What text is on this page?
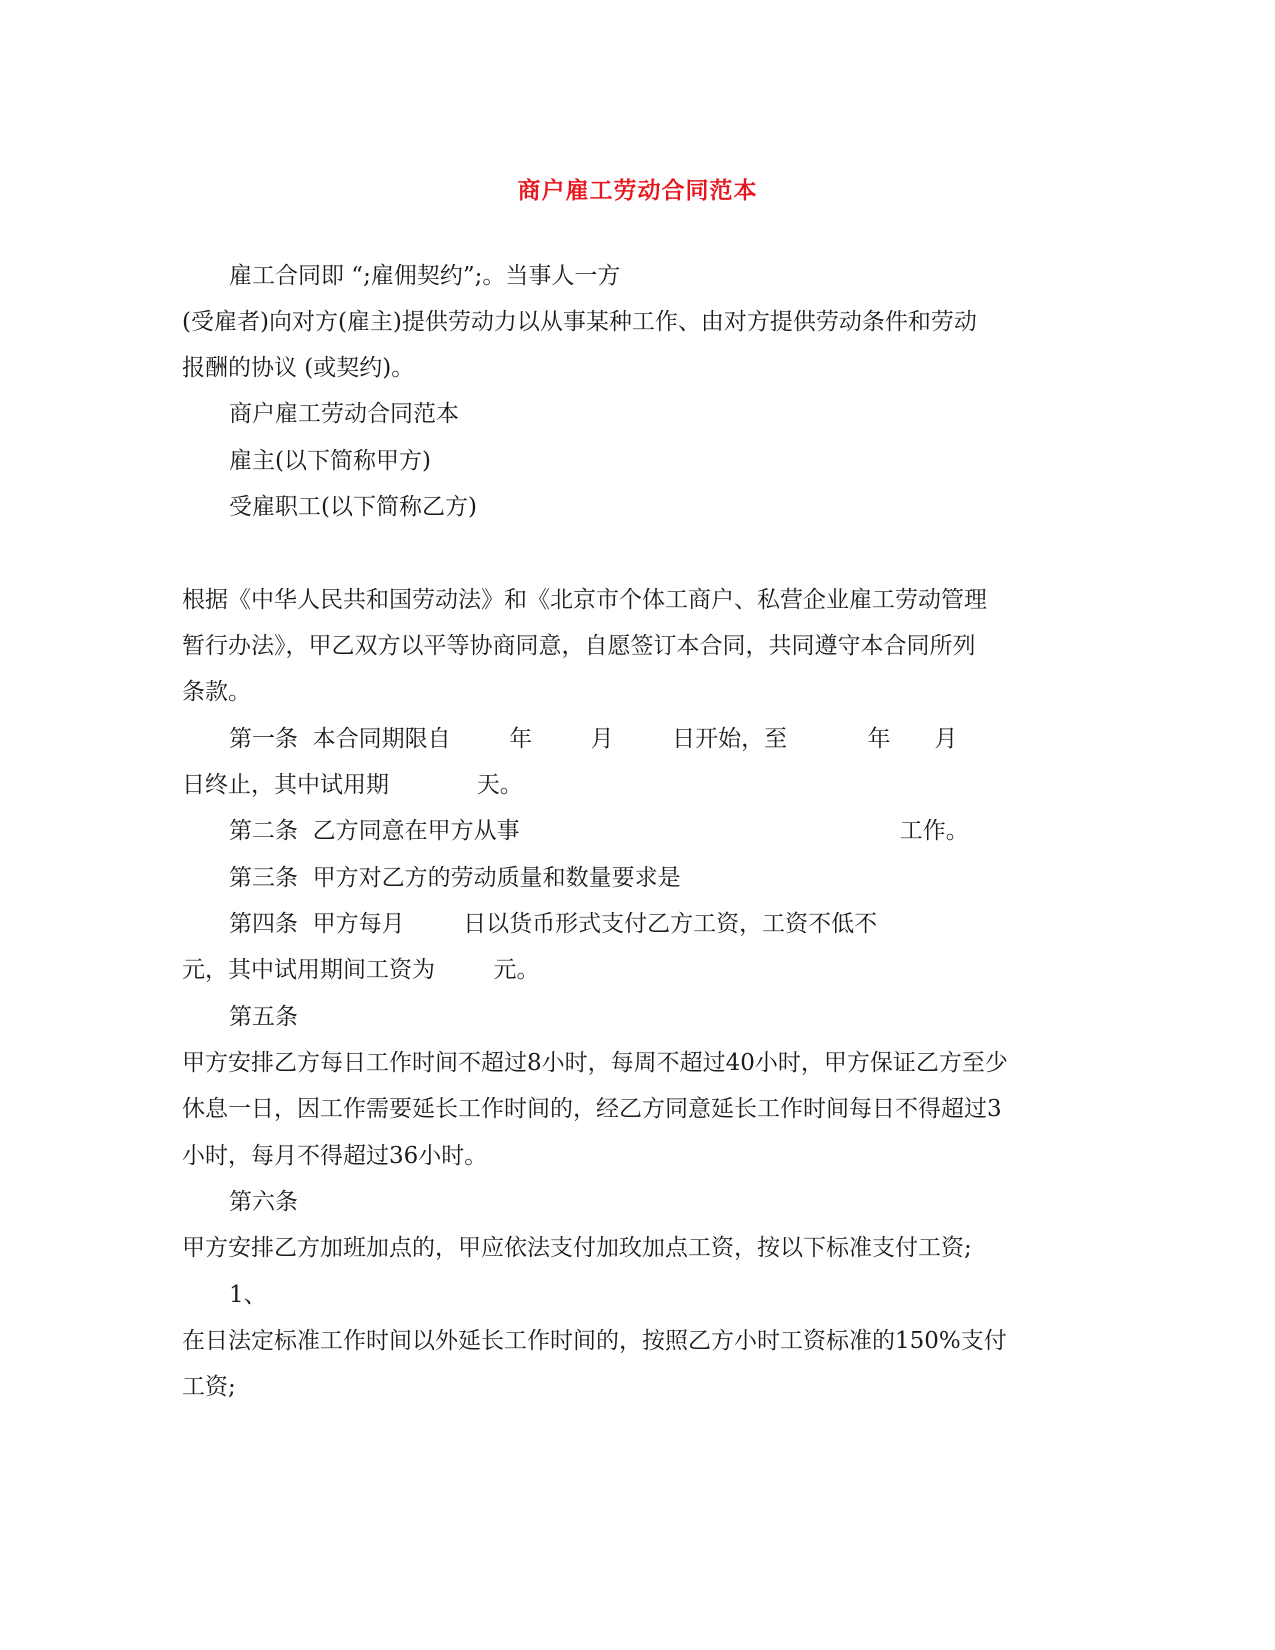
商户雇工劳动合同范本

雇工合同即 “;雇佣契约”;。当事人一方

(受雇者)向对方(雇主)提供劳动力以从事某种工作、由对方提供劳动条件和劳动

报酬的协议 (或契约)。

商户雇工劳动合同范本

雇主(以下简称甲方)

受雇职工(以下简称乙方)

根据《中华人民共和国劳动法》和《北京市个体工商户、私营企业雇工劳动管理

暂行办法》，甲乙双方以平等协商同意，自愿签订本合同，共同遵守本合同所列

条款。

第一条  本合同期限自        年        月        日开始，至           年      月

日终止，其中试用期            天。

第二条  乙方同意在甲方从事                                                    工作。

第三条  甲方对乙方的劳动质量和数量要求是

第四条  甲方每月        日以货币形式支付乙方工资，工资不低不

元，其中试用期间工资为        元。

第五条

甲方安排乙方每日工作时间不超过8小时，每周不超过40小时，甲方保证乙方至少

休息一日，因工作需要延长工作时间的，经乙方同意延长工作时间每日不得超过3

小时，每月不得超过36小时。

第六条

甲方安排乙方加班加点的，甲应依法支付加玫加点工资，按以下标准支付工资;

1、

在日法定标准工作时间以外延长工作时间的，按照乙方小时工资标准的150%支付

工资;
